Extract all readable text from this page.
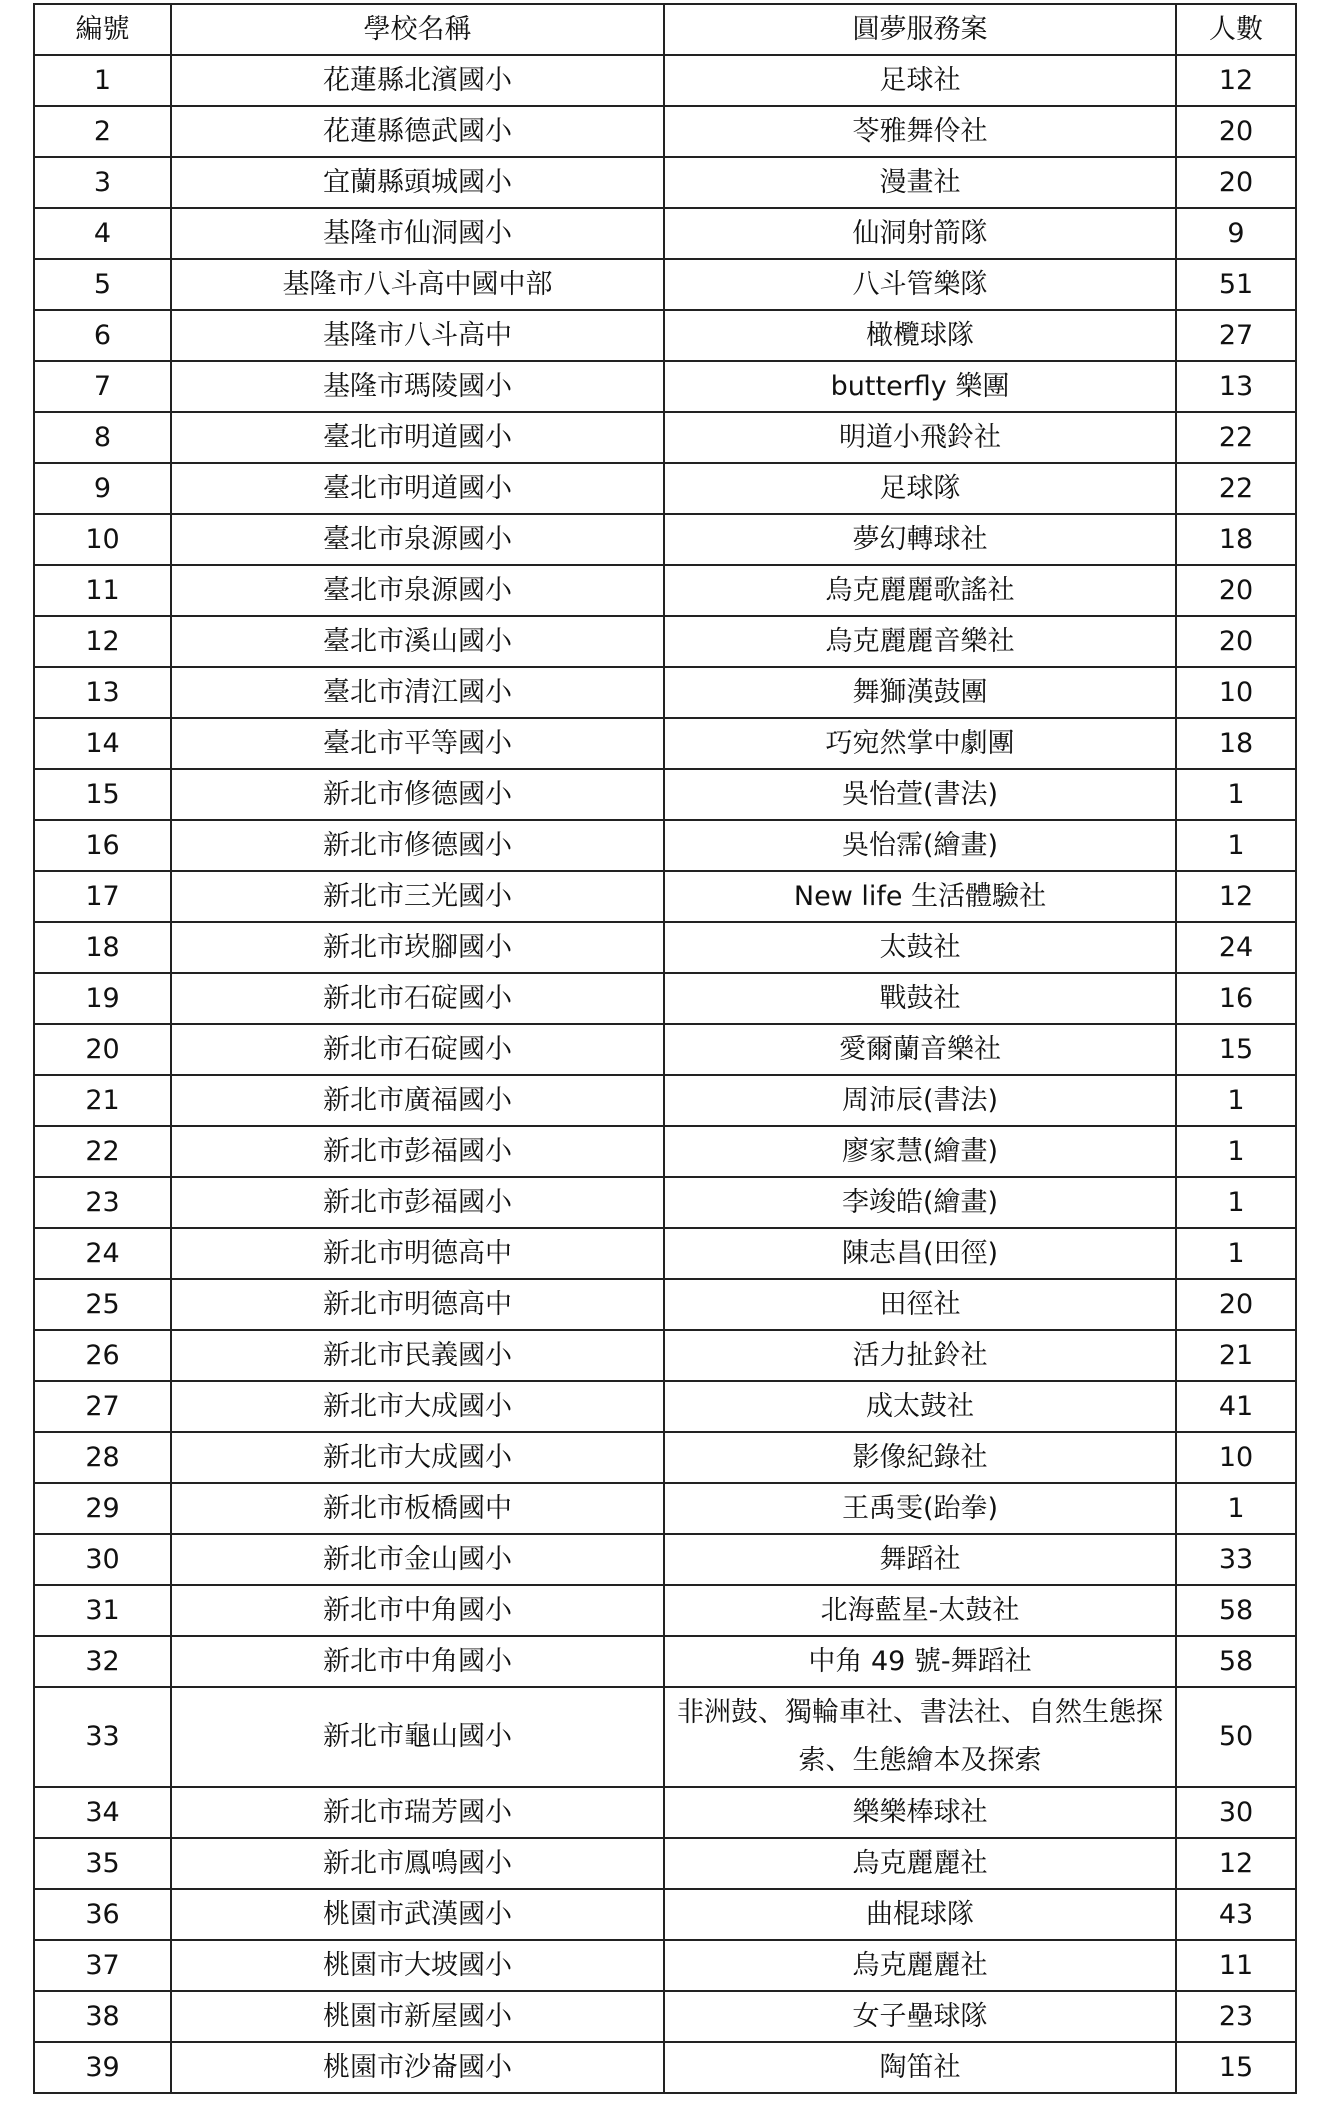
編號	學校名稱	圓夢服務案	人數
1	花蓮縣北濱國小	足球社	12
2	花蓮縣德武國小	苓雅舞伶社	20
3	宜蘭縣頭城國小	漫畫社	20
4	基隆市仙洞國小	仙洞射箭隊	9
5	基隆市八斗高中國中部	八斗管樂隊	51
6	基隆市八斗高中	橄欖球隊	27
7	基隆市瑪陵國小	butterfly 樂團	13
8	臺北市明道國小	明道小飛鈴社	22
9	臺北市明道國小	足球隊	22
10	臺北市泉源國小	夢幻轉球社	18
11	臺北市泉源國小	烏克麗麗歌謠社	20
12	臺北市溪山國小	烏克麗麗音樂社	20
13	臺北市清江國小	舞獅漢鼓團	10
14	臺北市平等國小	巧宛然掌中劇團	18
15	新北市修德國小	吳怡萱(書法)	1
16	新北市修德國小	吳怡霈(繪畫)	1
17	新北市三光國小	New life 生活體驗社	12
18	新北市崁腳國小	太鼓社	24
19	新北市石碇國小	戰鼓社	16
20	新北市石碇國小	愛爾蘭音樂社	15
21	新北市廣福國小	周沛辰(書法)	1
22	新北市彭福國小	廖家慧(繪畫)	1
23	新北市彭福國小	李竣皓(繪畫)	1
24	新北市明德高中	陳志昌(田徑)	1
25	新北市明德高中	田徑社	20
26	新北市民義國小	活力扯鈴社	21
27	新北市大成國小	成太鼓社	41
28	新北市大成國小	影像紀錄社	10
29	新北市板橋國中	王禹雯(跆拳)	1
30	新北市金山國小	舞蹈社	33
31	新北市中角國小	北海藍星-太鼓社	58
32	新北市中角國小	中角 49 號-舞蹈社	58
33	新北市龜山國小	非洲鼓、獨輪車社、書法社、自然生態探索、生態繪本及探索	50
34	新北市瑞芳國小	樂樂棒球社	30
35	新北市鳳鳴國小	烏克麗麗社	12
36	桃園市武漢國小	曲棍球隊	43
37	桃園市大坡國小	烏克麗麗社	11
38	桃園市新屋國小	女子壘球隊	23
39	桃園市沙崙國小	陶笛社	15
